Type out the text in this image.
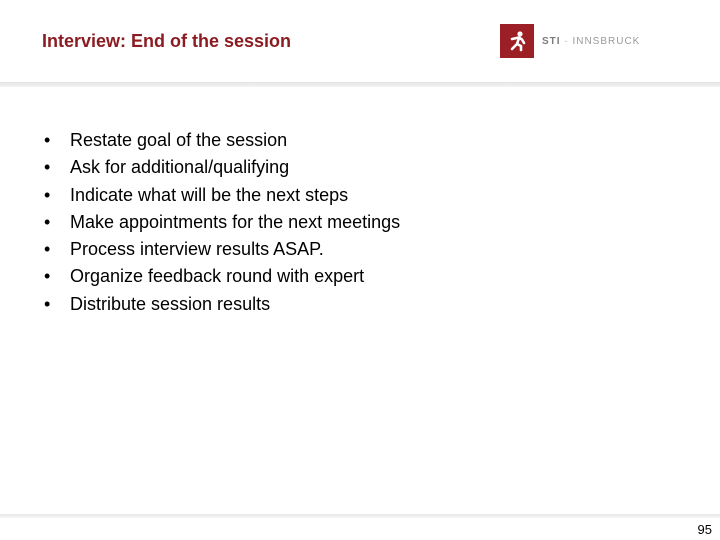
Interview: End of the session	STI · INNSBRUCK
•	Restate goal of the session
•	Ask for additional/qualifying
•	Indicate what will be the next steps
•	Make appointments for the next meetings
•	Process interview results ASAP.
•	Organize feedback round with expert
•	Distribute session results
95
